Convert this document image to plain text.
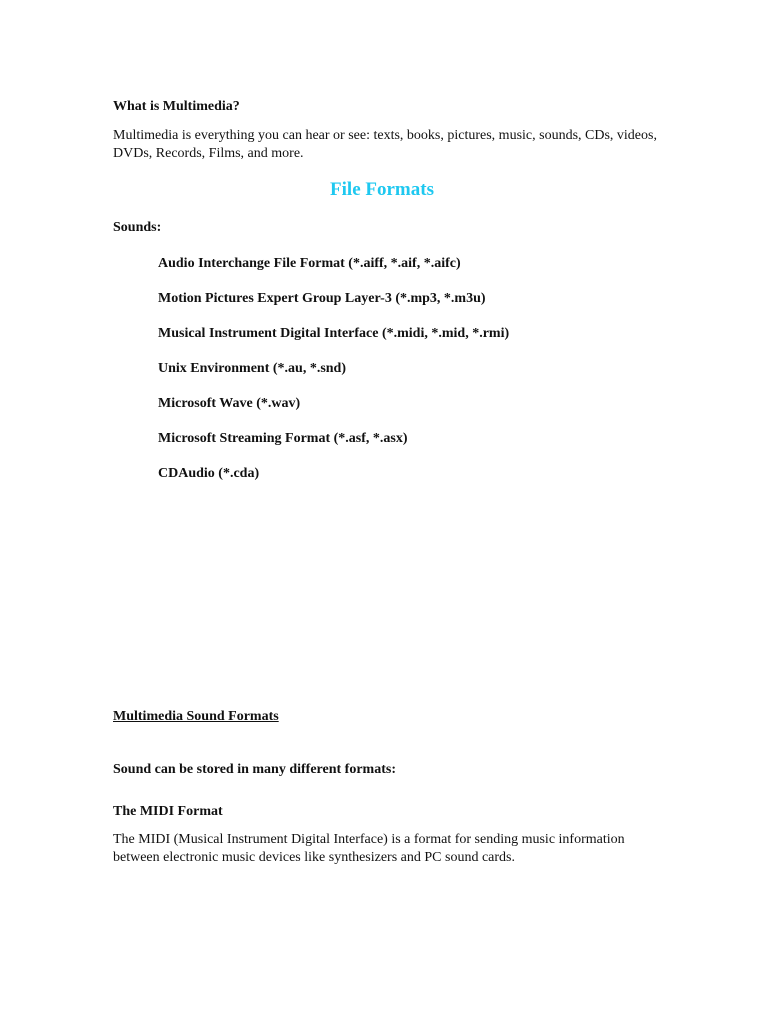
What is Multimedia?

Multimedia is everything you can hear or see: texts, books, pictures, music, sounds, CDs, videos, DVDs, Records, Films, and more.

File Formats

Sounds:

Audio Interchange File Format (*.aiff, *.aif, *.aifc)
Motion Pictures Expert Group Layer-3 (*.mp3, *.m3u)
Musical Instrument Digital Interface (*.midi, *.mid, *.rmi)
Unix Environment (*.au, *.snd)
Microsoft Wave (*.wav)
Microsoft Streaming Format (*.asf, *.asx)
CDAudio (*.cda)

Multimedia Sound Formats

Sound can be stored in many different formats:

The MIDI Format

The MIDI (Musical Instrument Digital Interface) is a format for sending music information between electronic music devices like synthesizers and PC sound cards.
